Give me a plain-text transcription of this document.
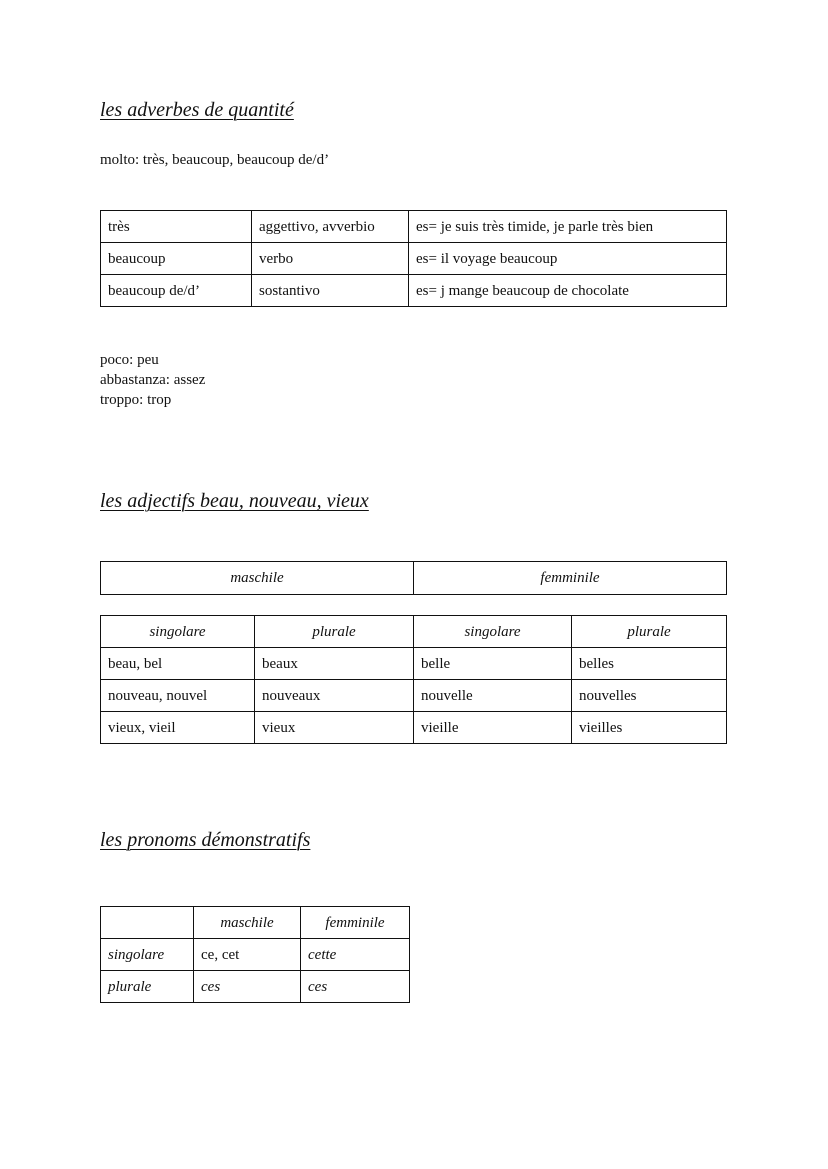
les adverbes de quantité
molto: très, beaucoup, beaucoup de/d’
très	aggettivo, avverbio	es= je suis très timide, je parle très bien
beaucoup	verbo	es= il voyage beaucoup
beaucoup de/d’	sostantivo	es= j mange beaucoup de chocolate
poco: peu
abbastanza: assez
troppo: trop
les adjectifs beau, nouveau, vieux
maschile	femminile
singolare	plurale	singolare	plurale
beau, bel	beaux	belle	belles
nouveau, nouvel	nouveaux	nouvelle	nouvelles
vieux, vieil	vieux	vieille	vieilles
les pronoms démonstratifs
	maschile	femminile
singolare	ce, cet	cette
plurale	ces	ces
